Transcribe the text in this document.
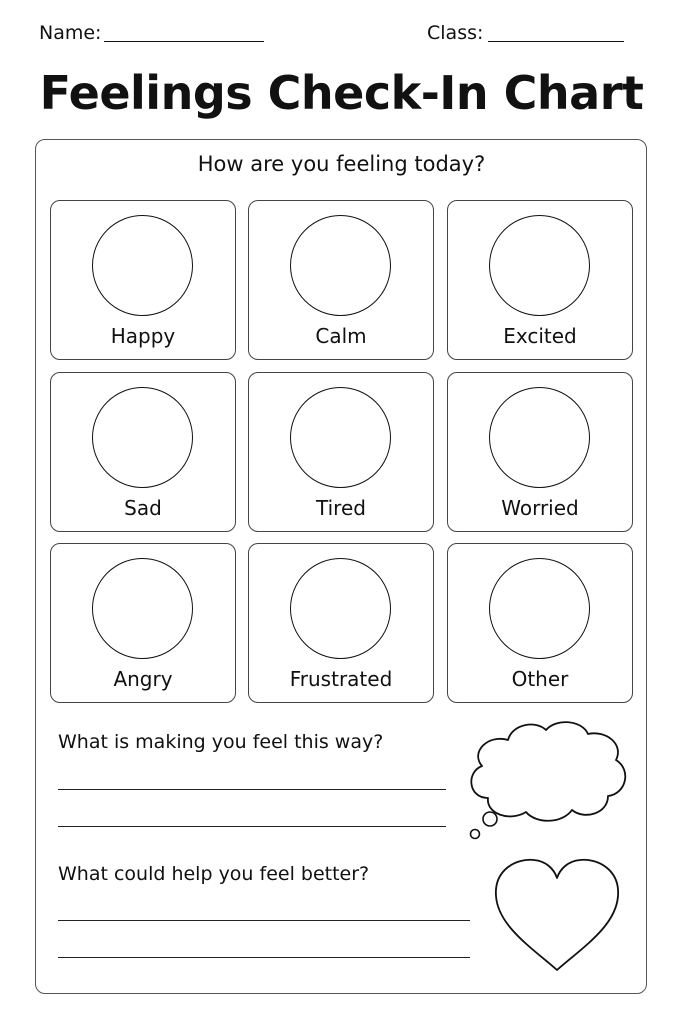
Name:	Class:
Feelings Check-In Chart
How are you feeling today?
Happy	Calm	Excited
Sad	Tired	Worried
Angry	Frustrated	Other
What is making you feel this way?
What could help you feel better?
